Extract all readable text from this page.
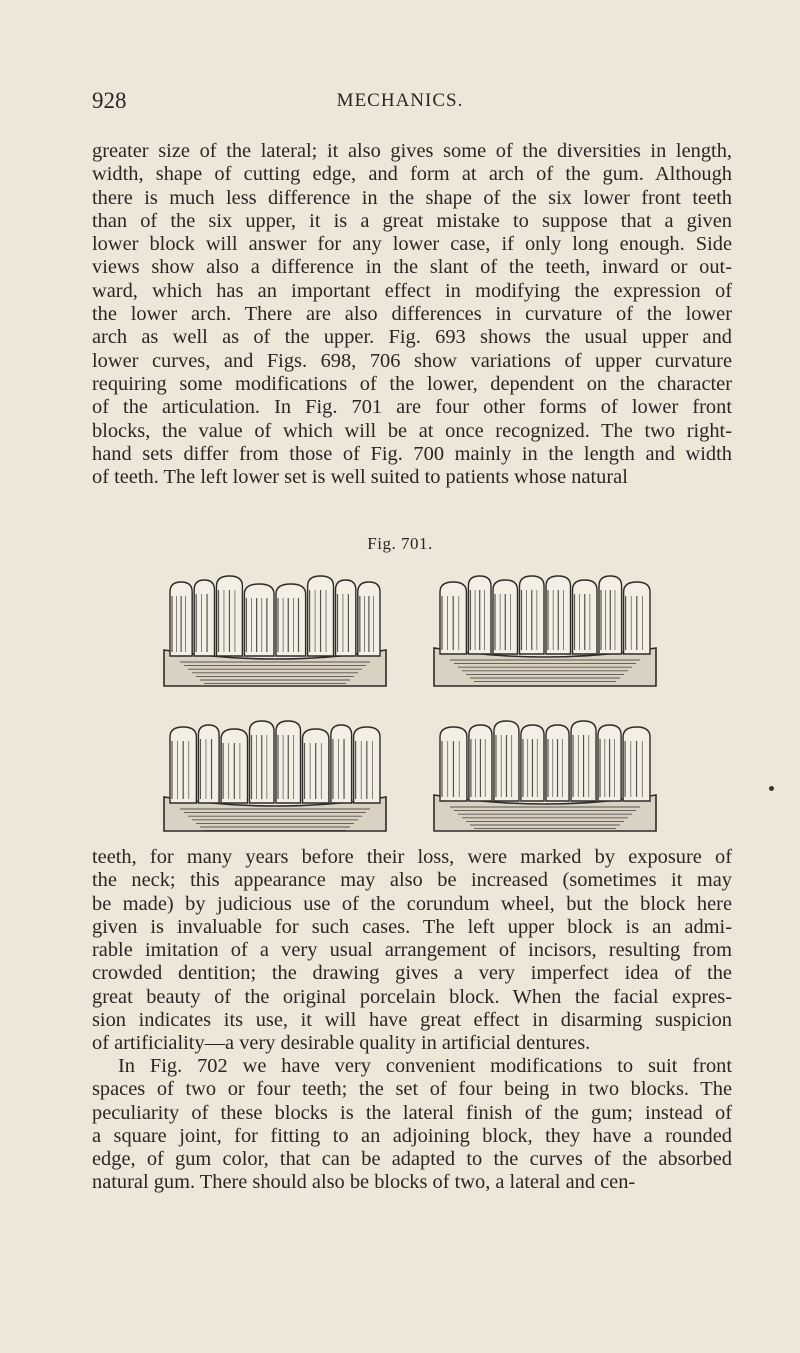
928	MECHANICS.
greater size of the lateral; it also gives some of the diversities in length,
width, shape of cutting edge, and form at arch of the gum. Although
there is much less difference in the shape of the six lower front teeth
than of the six upper, it is a great mistake to suppose that a given
lower block will answer for any lower case, if only long enough. Side
views show also a difference in the slant of the teeth, inward or out-
ward, which has an important effect in modifying the expression of
the lower arch. There are also differences in curvature of the lower
arch as well as of the upper. Fig. 693 shows the usual upper and
lower curves, and Figs. 698, 706 show variations of upper curvature
requiring some modifications of the lower, dependent on the character
of the articulation. In Fig. 701 are four other forms of lower front
blocks, the value of which will be at once recognized. The two right-
hand sets differ from those of Fig. 700 mainly in the length and width
of teeth. The left lower set is well suited to patients whose natural
Fig. 701.
teeth, for many years before their loss, were marked by exposure of
the neck; this appearance may also be increased (sometimes it may
be made) by judicious use of the corundum wheel, but the block here
given is invaluable for such cases. The left upper block is an admi-
rable imitation of a very usual arrangement of incisors, resulting from
crowded dentition; the drawing gives a very imperfect idea of the
great beauty of the original porcelain block. When the facial expres-
sion indicates its use, it will have great effect in disarming suspicion
of artificiality—a very desirable quality in artificial dentures.
In Fig. 702 we have very convenient modifications to suit front
spaces of two or four teeth; the set of four being in two blocks. The
peculiarity of these blocks is the lateral finish of the gum; instead of
a square joint, for fitting to an adjoining block, they have a rounded
edge, of gum color, that can be adapted to the curves of the absorbed
natural gum. There should also be blocks of two, a lateral and cen-
